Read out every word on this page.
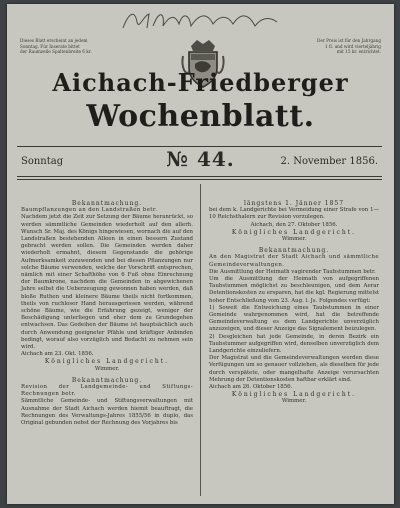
Dieses Blatt erscheint an jedem
Sonntag. Für Inserate bittet
der Raumzeile Spaltenbreite 6 kr.
Der Preis ist für den Jahrgang
1 fl. und wird vierteljährig
mit 15 kr. entrichtet.
Aichach-Friedberger
Wochenblatt.
Sonntag	№ 44.	2. November 1856.

Bekanntmachung.

Baumpflanzungen an den Landstraßen betr.

Nachdem jetzt die Zeit zur Setzung der Bäume heranrückt, so werden sämmtliche Gemeinden wiederholt auf den allerh. Wunsch Sr. Maj. des Königs hingewiesen, wornach die auf den Landstraßen bestehenden Alleen in einen bessern Zustand gebracht werden sollen. Die Gemeinden werden daher wiederholt ermahnt, diesem Gegenstande die gehörige Aufmerksamkeit zuzuwenden und bei diesen Pflanzungen nur solche Bäume verwenden, welche der Vorschrift entsprechen, nämlich mit einer Schafthöhe von 6 Fuß ohne Einrechnung der Baumkrone, nachdem die Gemeinden in abgewichenen Jahre selbst die Ueberzeugung gewonnen haben werden, daß bloße Ruthen und kleinere Bäume theils nicht fortkommen, theils von ruchloser Hand herausgerissen werden, während schöne Bäume, wie die Erfahrung gezeigt, weniger der Beschädigung unterliegen und eher dem zu Grundegehen entwachsen. Das Gedeihen der Bäume ist hauptsächlich auch durch Anwendung geeigneter Pfähle und kräftiger Anbinden bedingt, worauf also vorzüglich und Bedacht zu nehmen sein wird.

Aichach am 23. Okt. 1856.

Königliches Landgericht.

Wimmer.

Bekanntmachung.

Revision der Landgemeinde- und Stiftungs-Rechnungen betr.

Sämmtliche Gemeinde- und Stiftungsverwaltungen mit Ausnahme der Stadt Aichach werden hiemit beauftragt, die Rechnungen des Verwaltungs-Jahres 1855/56 in duplo, das Original gebunden nebst der Rechnung des Vorjahres bis

längstens 1. Jänner 1857

bei dem k. Landgerichte bei Vermeidung einer Strafe von 1—10 Reichsthalern zur Revision vorzulegen.

Aichach, den 27. Oktober 1856.

Königliches Landgericht.

Wimmer.

Bekanntmachung.

An den Magistrat der Stadt Aichach und sämmtliche Gemeindeverwaltungen.

Die Ausmittlung der Heimath vagirender Taubstummen betr.

Um die Ausmittlung der Heimath von aufgegriffenen Taubstummen möglichst zu beschleunigen, und dem Aerar Detentionskosten zu ersparen, hat die kgl. Regierung mittelst hoher Entschließung vom 23. Aug. l. Js. Folgendes verfügt:

1) Soweit die Entweichung eines Taubstummen in einer Gemeinde wahrgenommen wird, hat die betreffende Gemeindeverwaltung es dem Landgerichte unverzüglich anzuzeigen, und dieser Anzeige das Signalement beizulegen.

2) Desgleichen hat jede Gemeinde, in deren Bezirk ein Taubstummer aufgegriffen wird, denselben unverzüglich dem Landgerichte einzuliefern.

Der Magistrat und die Gemeindeverwaltungen werden diese Verfügungen um so genauer vollziehen, als dieselben für jede durch verspätete, oder mangelhafte Anzeige verursachten Mehrung der Detentionskosten haftbar erklärt sind.

Aichach am 26. Oktober 1856.

Königliches Landgericht.

Wimmer.
